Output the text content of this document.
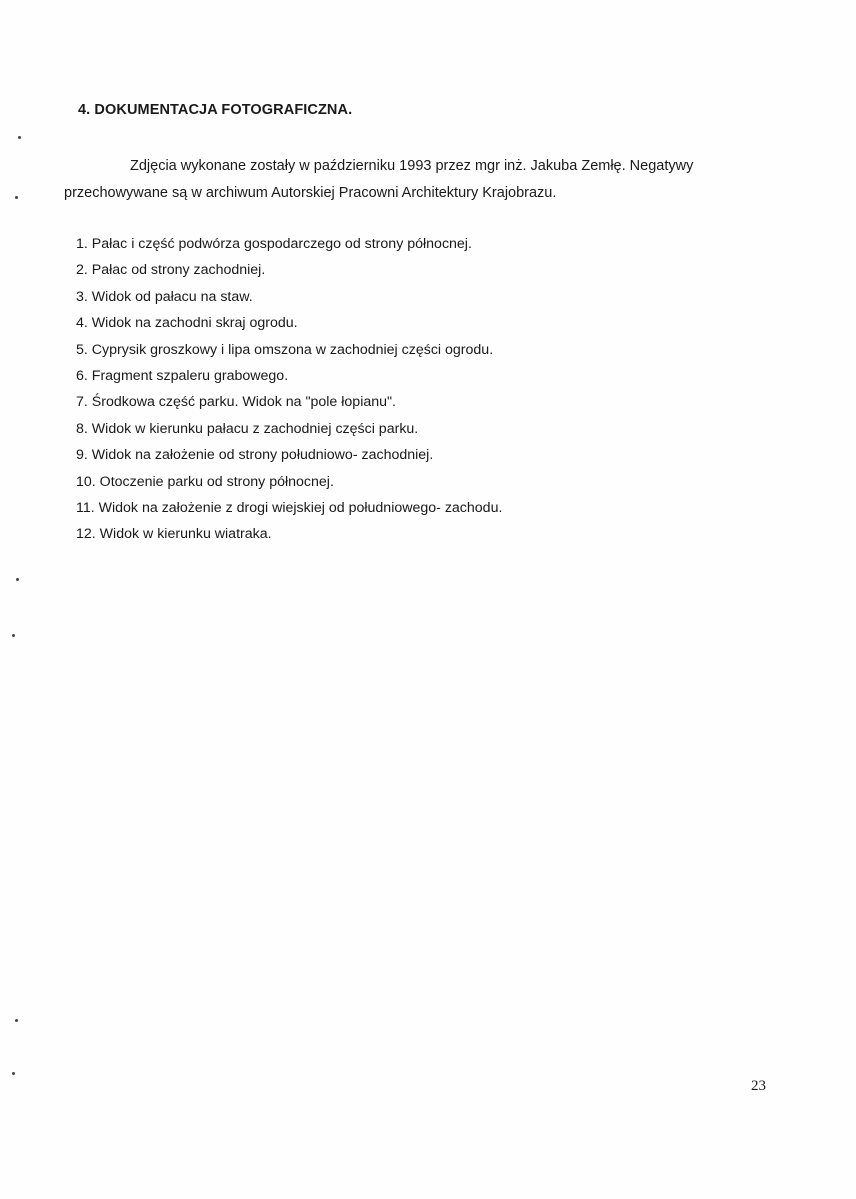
4. DOKUMENTACJA FOTOGRAFICZNA.
Zdjęcia wykonane zostały w październiku 1993 przez mgr inż. Jakuba Zemłę. Negatywy
przechowywane są w archiwum Autorskiej Pracowni Architektury Krajobrazu.
1. Pałac i część podwórza gospodarczego od strony północnej.
2. Pałac od strony zachodniej.
3. Widok od pałacu na staw.
4. Widok na zachodni skraj ogrodu.
5. Cyprysik groszkowy i lipa omszona w zachodniej części ogrodu.
6. Fragment szpaleru grabowego.
7. Środkowa część parku. Widok na "pole łopianu".
8. Widok w kierunku pałacu z zachodniej części parku.
9. Widok na założenie od strony południowo- zachodniej.
10. Otoczenie parku od strony północnej.
11. Widok na założenie z drogi wiejskiej od południowego- zachodu.
12. Widok w kierunku wiatraka.
23
